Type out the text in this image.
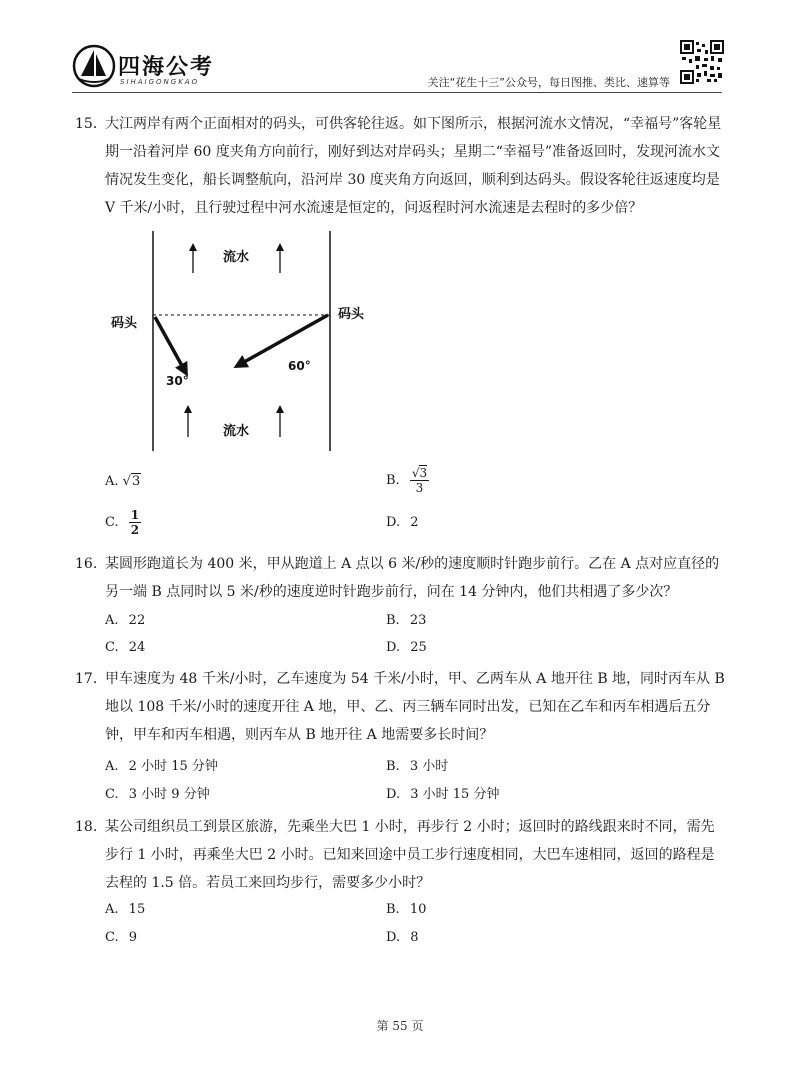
四海公考
SIHAIGONGKAO	关注“花生十三”公众号，每日图推、类比、速算等
15. 大江两岸有两个正面相对的码头，可供客轮往返。如下图所示，根据河流水文情况，“幸福号”客轮星期一沿着河岸 60 度夹角方向前行，刚好到达对岸码头；星期二“幸福号”准备返回时，发现河流水文情况发生变化，船长调整航向，沿河岸 30 度夹角方向返回，顺利到达码头。假设客轮往返速度均是 V 千米/小时，且行驶过程中河水流速是恒定的，问返程时河水流速是去程时的多少倍？
流水
流水
码头
码头
30°
60°
A. √3	B. $\frac{√3}{3}$
C. $\frac{1}{2}$	D. 2
16. 某圆形跑道长为 400 米，甲从跑道上 A 点以 6 米/秒的速度顺时针跑步前行。乙在 A 点对应直径的另一端 B 点同时以 5 米/秒的速度逆时针跑步前行，问在 14 分钟内，他们共相遇了多少次？
A. 22	B. 23
C. 24	D. 25
17. 甲车速度为 48 千米/小时，乙车速度为 54 千米/小时，甲、乙两车从 A 地开往 B 地，同时丙车从 B 地以 108 千米/小时的速度开往 A 地，甲、乙、丙三辆车同时出发，已知在乙车和丙车相遇后五分钟，甲车和丙车相遇，则丙车从 B 地开往 A 地需要多长时间？
A. 2 小时 15 分钟	B. 3 小时
C. 3 小时 9 分钟	D. 3 小时 15 分钟
18. 某公司组织员工到景区旅游，先乘坐大巴 1 小时，再步行 2 小时；返回时的路线跟来时不同，需先步行 1 小时，再乘坐大巴 2 小时。已知来回途中员工步行速度相同，大巴车速相同，返回的路程是去程的 1.5 倍。若员工来回均步行，需要多少小时？
A. 15	B. 10
C. 9	D. 8
第 55 页
